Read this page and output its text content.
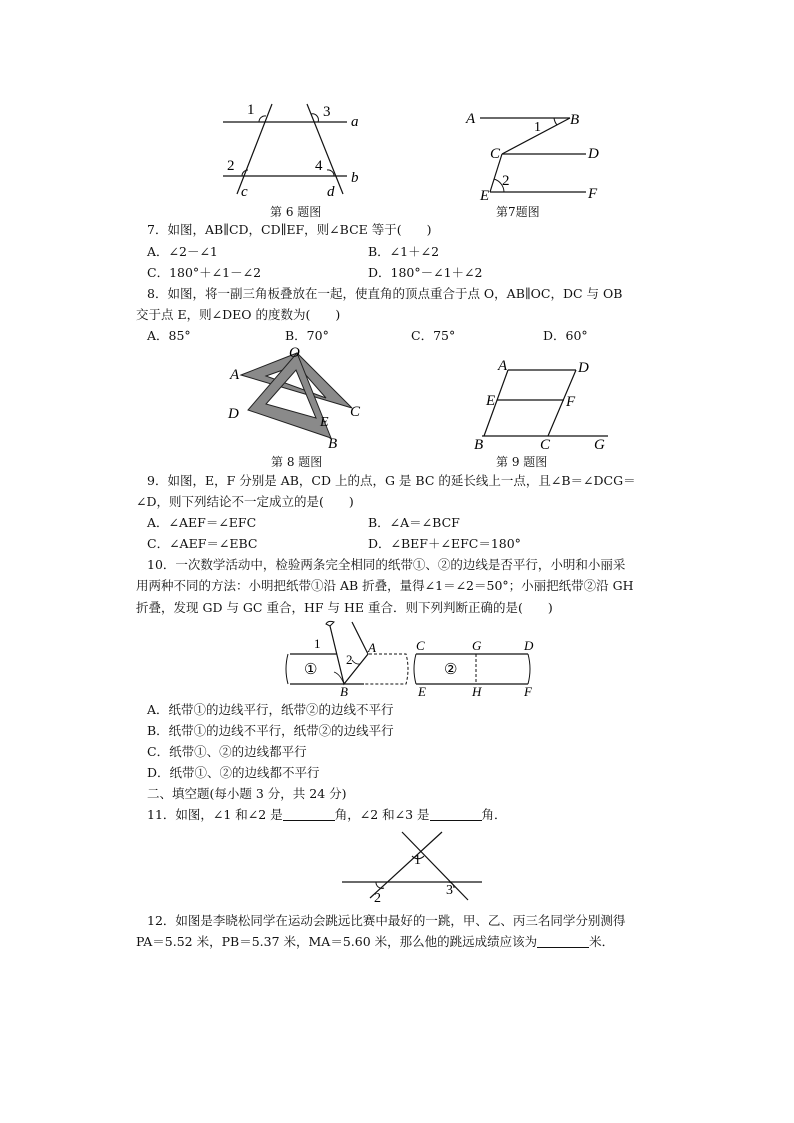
1	3
a
2	4
b
c	d
第 6 题图
A
1 B
C	D
2
E	F
第7题图
7．如图，AB∥CD，CD∥EF，则∠BCE 等于(　　)
A．∠2－∠1	B．∠1＋∠2
C．180°＋∠1－∠2	D．180°－∠1＋∠2
8．如图，将一副三角板叠放在一起，使直角的顶点重合于点 O，AB∥OC，DC 与 OB
交于点 E，则∠DEO 的度数为(　　)
A．85°	B．70°	C．75°	D．60°
O
A
D
E
C
B
第 8 题图
A	D
E	F
B	C	G
第 9 题图
9．如图，E，F 分别是 AB，CD 上的点，G 是 BC 的延长线上一点，且∠B＝∠DCG＝
∠D，则下列结论不一定成立的是(　　)
A．∠AEF＝∠EFC	B．∠A＝∠BCF
C．∠AEF＝∠EBC	D．∠BEF＋∠EFC＝180°
10．一次数学活动中，检验两条完全相同的纸带①、②的边线是否平行，小明和小丽采
用两种不同的方法：小明把纸带①沿 AB 折叠，量得∠1＝∠2＝50°；小丽把纸带②沿 GH
折叠，发现 GD 与 GC 重合，HF 与 HE 重合．则下列判断正确的是(　　)
1
2
A
B
①
C	G	D
②
E	H	F
A．纸带①的边线平行，纸带②的边线不平行
B．纸带①的边线不平行，纸带②的边线平行
C．纸带①、②的边线都平行
D．纸带①、②的边线都不平行
二、填空题(每小题 3 分，共 24 分)
11．如图，∠1 和∠2 是	角，∠2 和∠3 是	角．
1
2
3
12．如图是李晓松同学在运动会跳远比赛中最好的一跳，甲、乙、丙三名同学分别测得
PA＝5.52 米，PB＝5.37 米，MA＝5.60 米，那么他的跳远成绩应该为	米．
